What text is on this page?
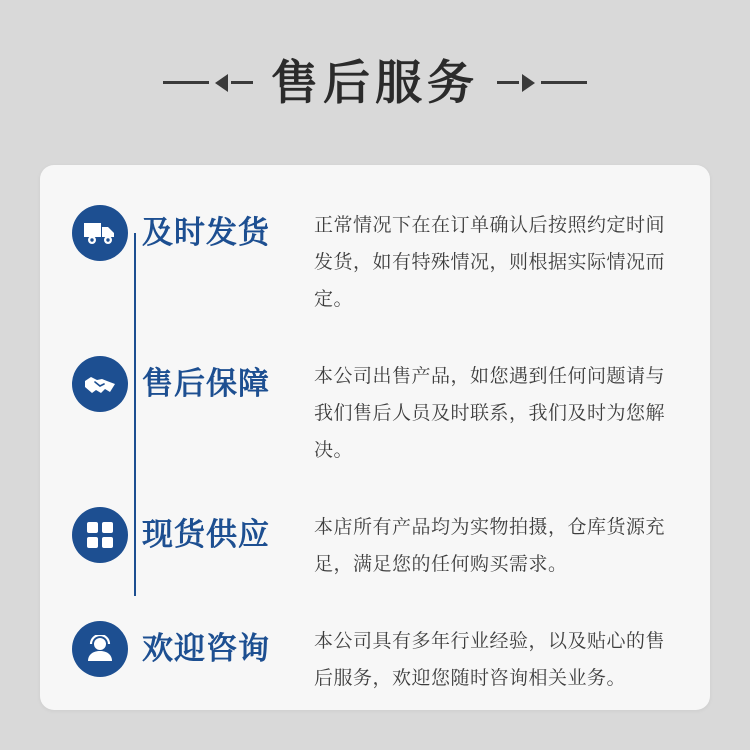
售后服务
及时发货	正常情况下在在订单确认后按照约定时间发货，如有特殊情况，则根据实际情况而定。
售后保障	本公司出售产品，如您遇到任何问题请与我们售后人员及时联系，我们及时为您解决。
现货供应	本店所有产品均为实物拍摄，仓库货源充足，满足您的任何购买需求。
欢迎咨询	本公司具有多年行业经验，以及贴心的售后服务，欢迎您随时咨询相关业务。
